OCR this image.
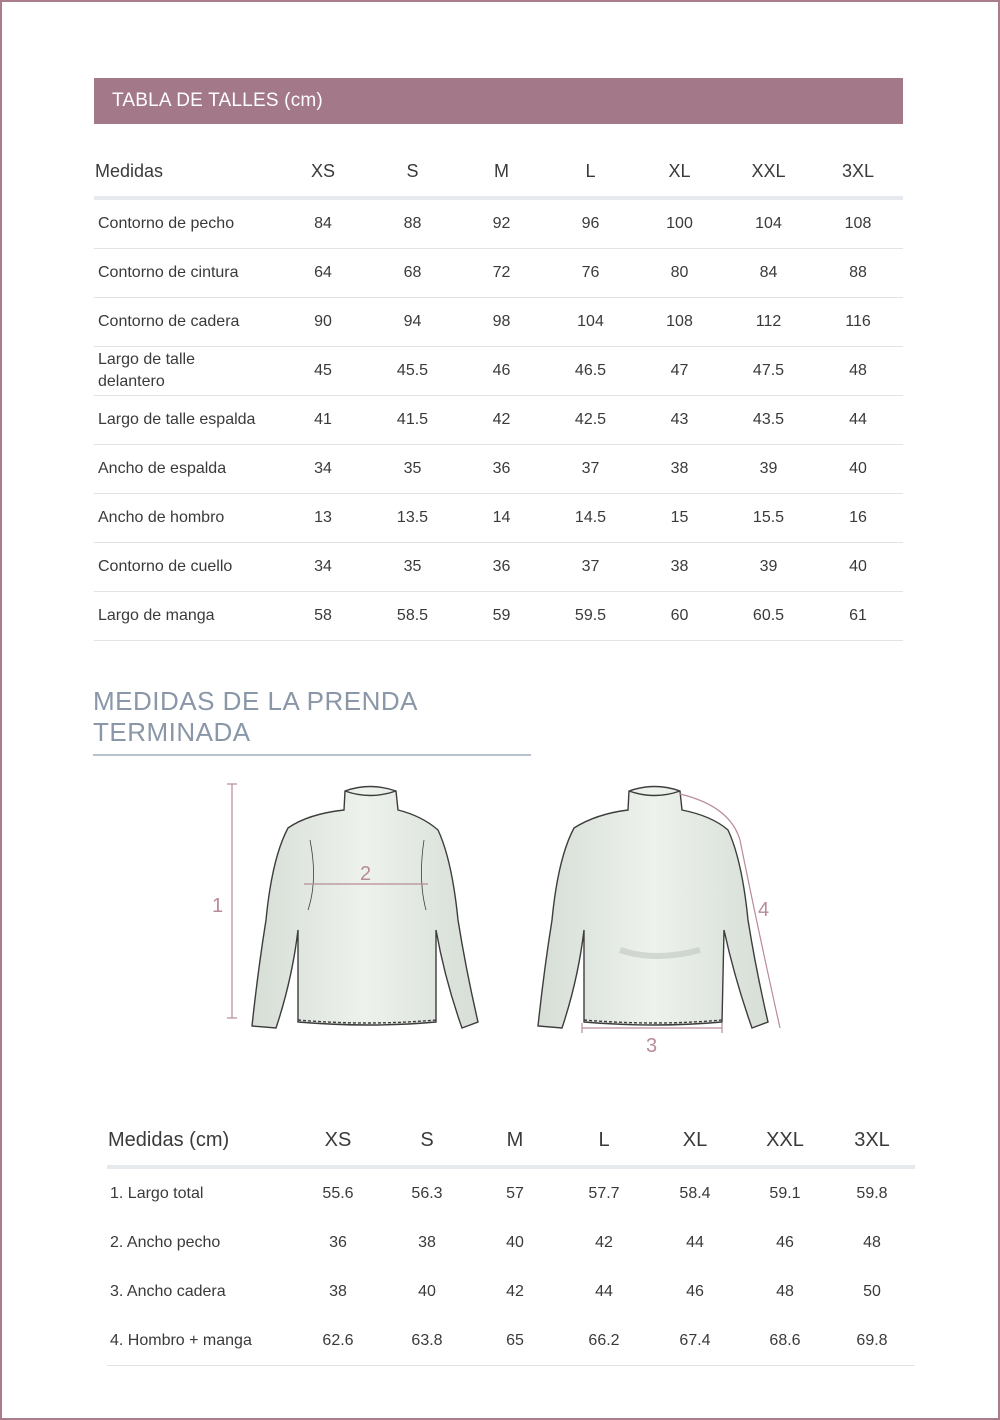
TABLA DE TALLES (cm)
Medidas	XS	S	M	L	XL	XXL	3XL
Contorno de pecho	84	88	92	96	100	104	108
Contorno de cintura	64	68	72	76	80	84	88
Contorno de cadera	90	94	98	104	108	112	116
Largo de talle delantero	45	45.5	46	46.5	47	47.5	48
Largo de talle espalda	41	41.5	42	42.5	43	43.5	44
Ancho de espalda	34	35	36	37	38	39	40
Ancho de hombro	13	13.5	14	14.5	15	15.5	16
Contorno de cuello	34	35	36	37	38	39	40
Largo de manga	58	58.5	59	59.5	60	60.5	61
MEDIDAS DE LA PRENDA TERMINADA
1
2
3
4
Medidas (cm)	XS	S	M	L	XL	XXL	3XL
1. Largo total	55.6	56.3	57	57.7	58.4	59.1	59.8
2. Ancho pecho	36	38	40	42	44	46	48
3. Ancho cadera	38	40	42	44	46	48	50
4. Hombro + manga	62.6	63.8	65	66.2	67.4	68.6	69.8
